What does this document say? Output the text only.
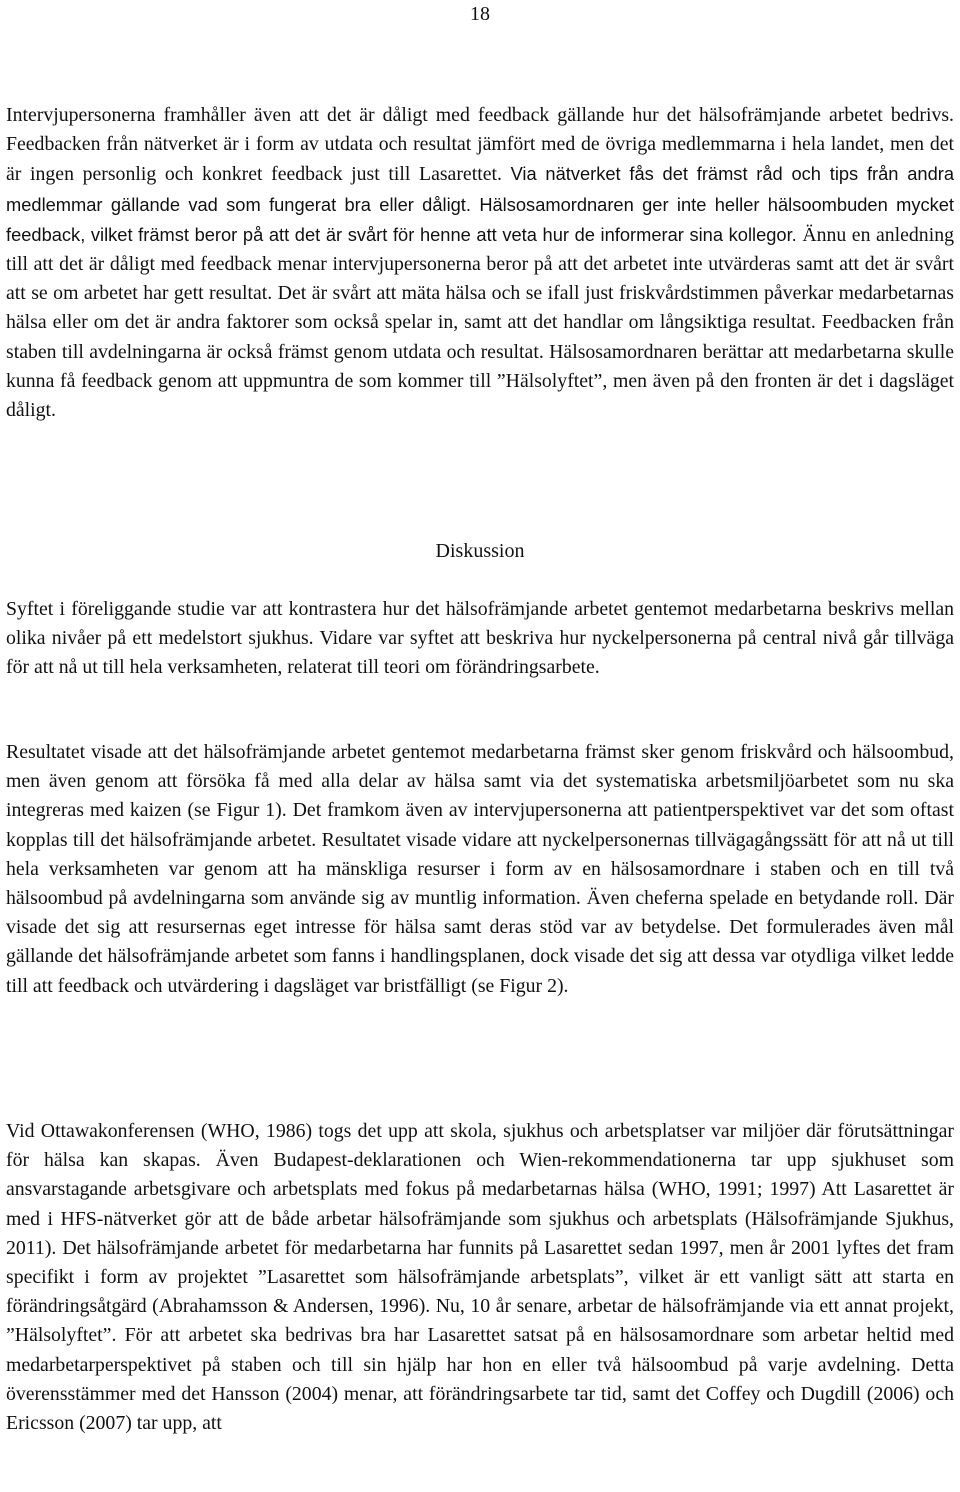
18

Intervjupersonerna framhåller även att det är dåligt med feedback gällande hur det hälsofrämjande arbetet bedrivs. Feedbacken från nätverket är i form av utdata och resultat jämfört med de övriga medlemmarna i hela landet, men det är ingen personlig och konkret feedback just till Lasarettet. Via nätverket fås det främst råd och tips från andra medlemmar gällande vad som fungerat bra eller dåligt. Hälsosamordnaren ger inte heller hälsoombuden mycket feedback, vilket främst beror på att det är svårt för henne att veta hur de informerar sina kollegor. Ännu en anledning till att det är dåligt med feedback menar intervjupersonerna beror på att det arbetet inte utvärderas samt att det är svårt att se om arbetet har gett resultat. Det är svårt att mäta hälsa och se ifall just friskvårdstimmen påverkar medarbetarnas hälsa eller om det är andra faktorer som också spelar in, samt att det handlar om långsiktiga resultat. Feedbacken från staben till avdelningarna är också främst genom utdata och resultat. Hälsosamordnaren berättar att medarbetarna skulle kunna få feedback genom att uppmuntra de som kommer till ”Hälsolyftet”, men även på den fronten är det i dagsläget dåligt.

Diskussion

Syftet i föreliggande studie var att kontrastera hur det hälsofrämjande arbetet gentemot medarbetarna beskrivs mellan olika nivåer på ett medelstort sjukhus. Vidare var syftet att beskriva hur nyckelpersonerna på central nivå går tillväga för att nå ut till hela verksamheten, relaterat till teori om förändringsarbete.

Resultatet visade att det hälsofrämjande arbetet gentemot medarbetarna främst sker genom friskvård och hälsoombud, men även genom att försöka få med alla delar av hälsa samt via det systematiska arbetsmiljöarbetet som nu ska integreras med kaizen (se Figur 1). Det framkom även av intervjupersonerna att patientperspektivet var det som oftast kopplas till det hälsofrämjande arbetet. Resultatet visade vidare att nyckelpersonernas tillvägagångssätt för att nå ut till hela verksamheten var genom att ha mänskliga resurser i form av en hälsosamordnare i staben och en till två hälsoombud på avdelningarna som använde sig av muntlig information. Även cheferna spelade en betydande roll. Där visade det sig att resursernas eget intresse för hälsa samt deras stöd var av betydelse. Det formulerades även mål gällande det hälsofrämjande arbetet som fanns i handlingsplanen, dock visade det sig att dessa var otydliga vilket ledde till att feedback och utvärdering i dagsläget var bristfälligt (se Figur 2).

Vid Ottawakonferensen (WHO, 1986) togs det upp att skola, sjukhus och arbetsplatser var miljöer där förutsättningar för hälsa kan skapas. Även Budapest-deklarationen och Wien-rekommendationerna tar upp sjukhuset som ansvarstagande arbetsgivare och arbetsplats med fokus på medarbetarnas hälsa (WHO, 1991; 1997) Att Lasarettet är med i HFS-nätverket gör att de både arbetar hälsofrämjande som sjukhus och arbetsplats (Hälsofrämjande Sjukhus, 2011). Det hälsofrämjande arbetet för medarbetarna har funnits på Lasarettet sedan 1997, men år 2001 lyftes det fram specifikt i form av projektet ”Lasarettet som hälsofrämjande arbetsplats”, vilket är ett vanligt sätt att starta en förändringsåtgärd (Abrahamsson & Andersen, 1996). Nu, 10 år senare, arbetar de hälsofrämjande via ett annat projekt, ”Hälsolyftet”. För att arbetet ska bedrivas bra har Lasarettet satsat på en hälsosamordnare som arbetar heltid med medarbetarperspektivet på staben och till sin hjälp har hon en eller två hälsoombud på varje avdelning. Detta överensstämmer med det Hansson (2004) menar, att förändringsarbete tar tid, samt det Coffey och Dugdill (2006) och Ericsson (2007) tar upp, att
